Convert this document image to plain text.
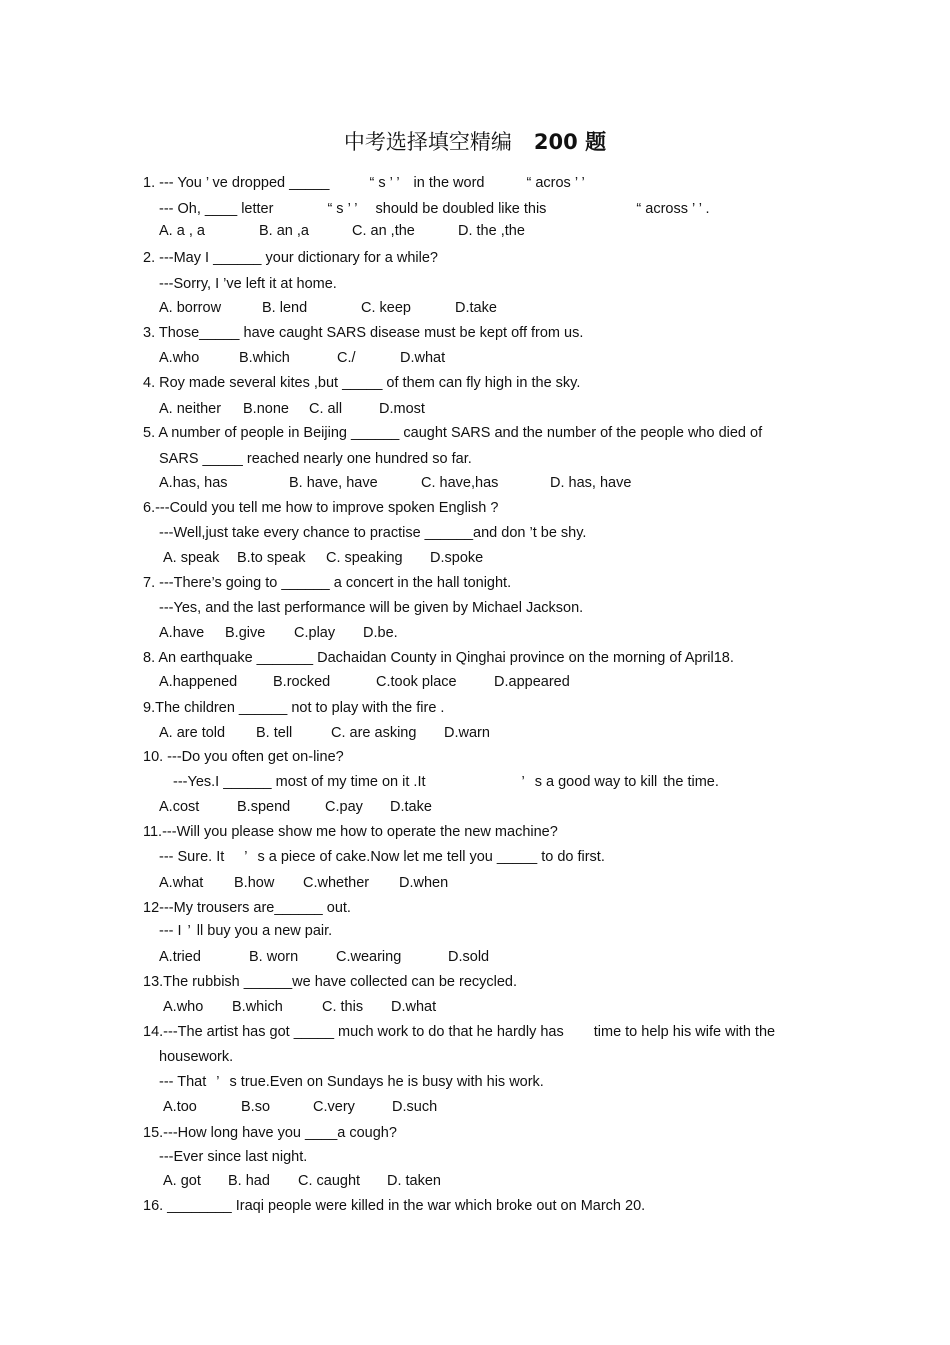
中考选择填空精编 200 题
1. --- You ’ ve dropped _____	“ s ’ ’ in the word	“ acros ’ ’
--- Oh, ____ letter	“ s ’ ’ should be doubled like this	“ across ’ ’ .
A. a , a	B. an ,a	C. an ,the	D. the ,the
2. ---May I ______ your dictionary for a while?
---Sorry, I ’ve left it at home.
A. borrow	B. lend	C. keep	D.take
3. Those_____ have caught SARS disease must be kept off from us.
A.who	B.which	C./	D.what
4. Roy made several kites ,but _____ of them can fly high in the sky.
A. neither B.none C. all	D.most
5. A number of people in Beijing ______ caught SARS and the number of the people who died of
SARS _____ reached nearly one hundred so far.
A.has, has	B. have, have	C. have,has	D. has, have
6.---Could you tell me how to improve spoken English ?
---Well,just take every chance to practise ______and don ’t be shy.
A. speak B.to speak C. speaking D.spoke
7. ---There’s going to ______ a concert in the hall tonight.
---Yes, and the last performance will be given by Michael Jackson.
A.have B.give C.play D.be.
8. An earthquake _______ Dachaidan County in Qinghai province on the morning of April18.
A.happened B.rocked	C.took place	D.appeared
9.The children ______ not to play with the fire .
A. are told B. tell	C. are asking D.warn
10. ---Do you often get on-line?
---Yes.I ______ most of my time on it .It	’ s a good way to kill the time.
A.cost	B.spend C.pay D.take
11.---Will you please show me how to operate the new machine?
--- Sure. It ’ s a piece of cake.Now let me tell you _____ to do first.
A.what B.how C.whether D.when
12---My trousers are______ out.
--- I ’ ll buy you a new pair.
A.tried	B. worn	C.wearing	D.sold
13.The rubbish ______we have collected can be recycled.
A.who B.which	C. this D.what
14.---The artist has got _____ much work to do that he hardly has time to help his wife with the
housework.
--- That ’ s true.Even on Sundays he is busy with his work.
A.too	B.so	C.very	D.such
15.---How long have you ____a cough?
---Ever since last night.
A. got B. had C. caught D. taken
16. ________ Iraqi people were killed in the war which broke out on March 20.
